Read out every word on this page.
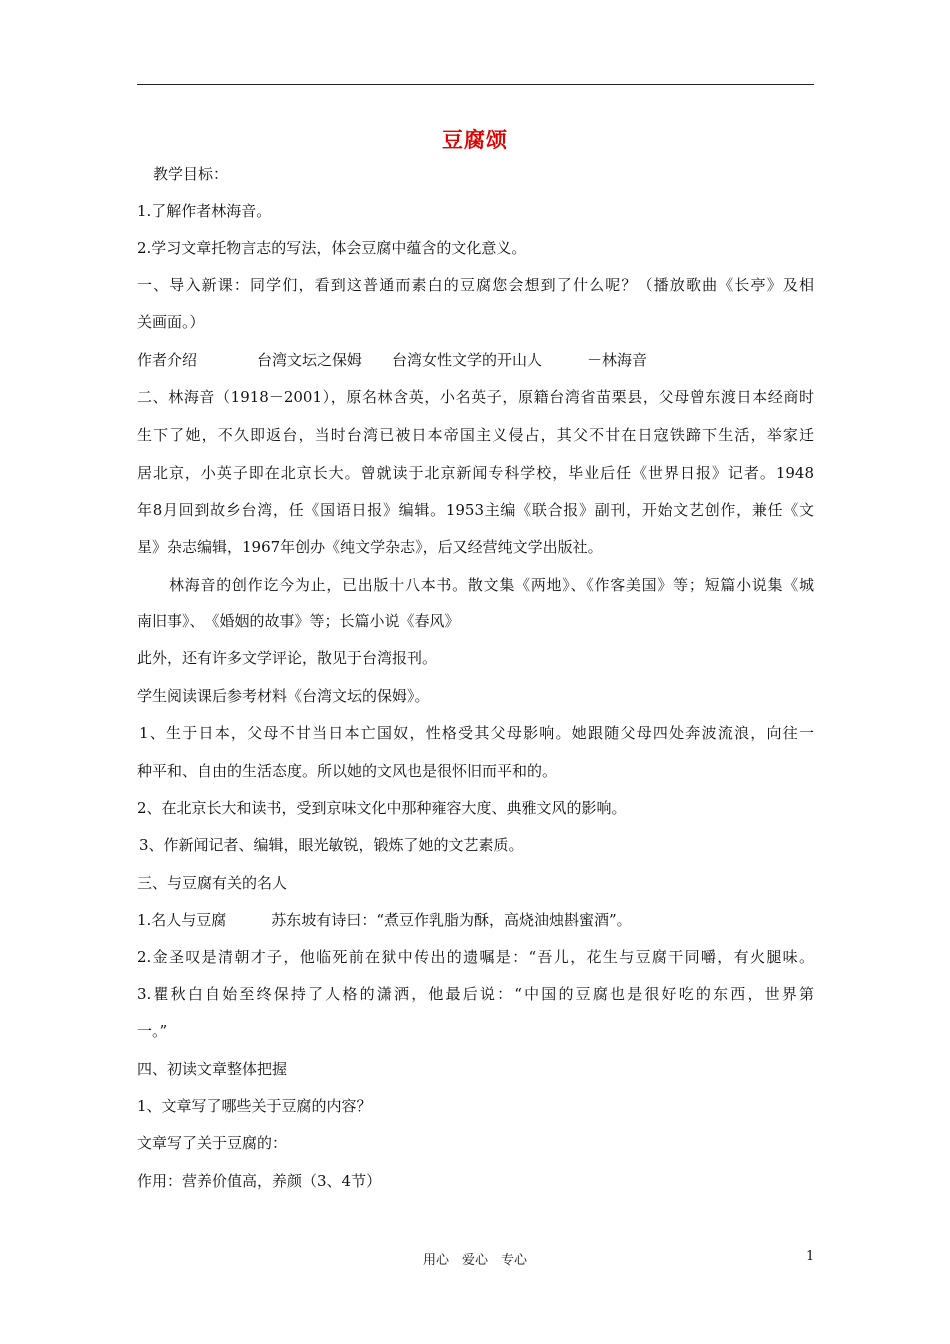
豆腐颂
教学目标：
1.了解作者林海音。
2.学习文章托物言志的写法，体会豆腐中蕴含的文化意义。
一、导入新课：同学们，看到这普通而素白的豆腐您会想到了什么呢？（播放歌曲《长亭》及相
关画面。）
作者介绍　　　　台湾文坛之保姆　　台湾女性文学的开山人　　　－林海音
二、林海音（1918－2001），原名林含英，小名英子，原籍台湾省苗栗县，父母曾东渡日本经商时
生下了她，不久即返台，当时台湾已被日本帝国主义侵占，其父不甘在日寇铁蹄下生活，举家迁
居北京，小英子即在北京长大。曾就读于北京新闻专科学校，毕业后任《世界日报》记者。1948
年8月回到故乡台湾，任《国语日报》编辑。1953主编《联合报》副刊，开始文艺创作，兼任《文
星》杂志编辑，1967年创办《纯文学杂志》，后又经营纯文学出版社。
林海音的创作讫今为止，已出版十八本书。散文集《两地》、《作客美国》等；短篇小说集《城
南旧事》、　《婚姻的故事》等；长篇小说《春风》
此外，还有许多文学评论，散见于台湾报刊。
学生阅读课后参考材料《台湾文坛的保姆》。
1、生于日本，父母不甘当日本亡国奴，性格受其父母影响。她跟随父母四处奔波流浪，向往一
种平和、自由的生活态度。所以她的文风也是很怀旧而平和的。
2、在北京长大和读书，受到京味文化中那种雍容大度、典雅文风的影响。
3、作新闻记者、编辑，眼光敏锐，锻炼了她的文艺素质。
三、与豆腐有关的名人
1.名人与豆腐　　　苏东坡有诗曰：“煮豆作乳脂为酥，高烧油烛斟蜜酒”。
2.金圣叹是清朝才子，他临死前在狱中传出的遗嘱是：“吾儿，花生与豆腐干同嚼，有火腿味。
3.瞿秋白自始至终保持了人格的潇洒，他最后说：“中国的豆腐也是很好吃的东西，世界第
一。”
四、初读文章整体把握
1、文章写了哪些关于豆腐的内容？
文章写了关于豆腐的：
作用：营养价值高，养颜（3、4节）
用心　爱心　专心	1
